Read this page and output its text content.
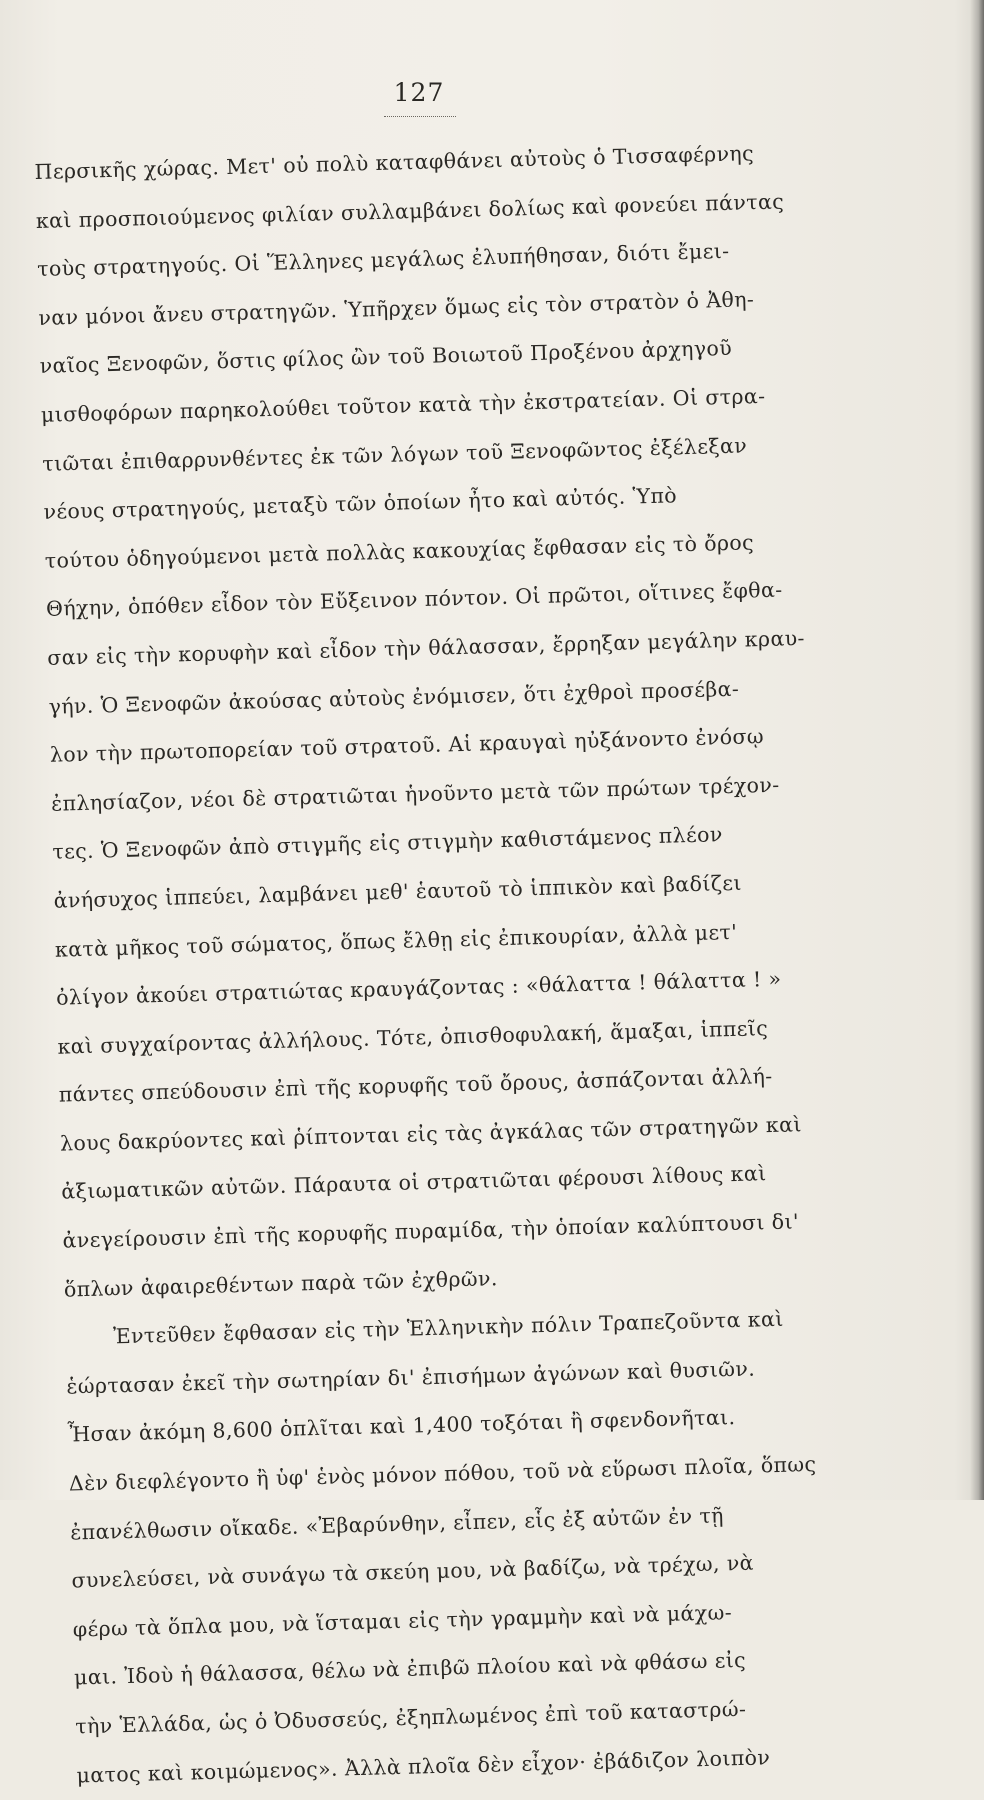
127
Περσικῆς χώρας. Μετ' οὐ πολὺ καταφθάνει αὐτοὺς ὁ Τισσαφέρνης
καὶ προσποιούμενος φιλίαν συλλαμβάνει δολίως καὶ φονεύει πάντας
τοὺς στρατηγούς. Οἱ Ἕλληνες μεγάλως ἐλυπήθησαν, διότι ἔμει-
ναν μόνοι ἄνευ στρατηγῶν. Ὑπῆρχεν ὅμως εἰς τὸν στρατὸν ὁ Ἀθη-
ναῖος Ξενοφῶν, ὅστις φίλος ὢν τοῦ Βοιωτοῦ Προξένου ἀρχηγοῦ
μισθοφόρων παρηκολούθει τοῦτον κατὰ τὴν ἐκστρατείαν. Οἱ στρα-
τιῶται ἐπιθαρρυνθέντες ἐκ τῶν λόγων τοῦ Ξενοφῶντος ἐξέλεξαν
νέους στρατηγούς, μεταξὺ τῶν ὁποίων ἦτο καὶ αὐτός. Ὑπὸ
τούτου ὁδηγούμενοι μετὰ πολλὰς κακουχίας ἔφθασαν εἰς τὸ ὄρος
Θήχην, ὁπόθεν εἶδον τὸν Εὔξεινον πόντον. Οἱ πρῶτοι, οἵτινες ἔφθα-
σαν εἰς τὴν κορυφὴν καὶ εἶδον τὴν θάλασσαν, ἔρρηξαν μεγάλην κραυ-
γήν. Ὁ Ξενοφῶν ἀκούσας αὐτοὺς ἐνόμισεν, ὅτι ἐχθροὶ προσέβα-
λον τὴν πρωτοπορείαν τοῦ στρατοῦ. Αἱ κραυγαὶ ηὐξάνοντο ἐνόσῳ
ἐπλησίαζον, νέοι δὲ στρατιῶται ἡνοῦντο μετὰ τῶν πρώτων τρέχον-
τες. Ὁ Ξενοφῶν ἀπὸ στιγμῆς εἰς στιγμὴν καθιστάμενος πλέον
ἀνήσυχος ἱππεύει, λαμβάνει μεθ' ἑαυτοῦ τὸ ἱππικὸν καὶ βαδίζει
κατὰ μῆκος τοῦ σώματος, ὅπως ἔλθῃ εἰς ἐπικουρίαν, ἀλλὰ μετ'
ὀλίγον ἀκούει στρατιώτας κραυγάζοντας : «θάλαττα ! θάλαττα ! »
καὶ συγχαίροντας ἀλλήλους. Τότε, ὀπισθοφυλακή, ἅμαξαι, ἱππεῖς
πάντες σπεύδουσιν ἐπὶ τῆς κορυφῆς τοῦ ὄρους, ἀσπάζονται ἀλλή-
λους δακρύοντες καὶ ῥίπτονται εἰς τὰς ἀγκάλας τῶν στρατηγῶν καὶ
ἀξιωματικῶν αὐτῶν. Πάραυτα οἱ στρατιῶται φέρουσι λίθους καὶ
ἀνεγείρουσιν ἐπὶ τῆς κορυφῆς πυραμίδα, τὴν ὁποίαν καλύπτουσι δι'
ὅπλων ἀφαιρεθέντων παρὰ τῶν ἐχθρῶν.
Ἐντεῦθεν ἔφθασαν εἰς τὴν Ἑλληνικὴν πόλιν Τραπεζοῦντα καὶ
ἑώρτασαν ἐκεῖ τὴν σωτηρίαν δι' ἐπισήμων ἀγώνων καὶ θυσιῶν.
Ἦσαν ἀκόμη 8,600 ὁπλῖται καὶ 1,400 τοξόται ἢ σφενδονῆται.
Δὲν διεφλέγοντο ἢ ὑφ' ἑνὸς μόνον πόθου, τοῦ νὰ εὕρωσι πλοῖα, ὅπως
ἐπανέλθωσιν οἴκαδε. «Ἐβαρύνθην, εἶπεν, εἷς ἐξ αὐτῶν ἐν τῇ
συνελεύσει, νὰ συνάγω τὰ σκεύη μου, νὰ βαδίζω, νὰ τρέχω, νὰ
φέρω τὰ ὅπλα μου, νὰ ἵσταμαι εἰς τὴν γραμμὴν καὶ νὰ μάχω-
μαι. Ἰδοὺ ἡ θάλασσα, θέλω νὰ ἐπιβῶ πλοίου καὶ νὰ φθάσω εἰς
τὴν Ἑλλάδα, ὡς ὁ Ὀδυσσεύς, ἐξηπλωμένος ἐπὶ τοῦ καταστρώ-
ματος καὶ κοιμώμενος». Ἀλλὰ πλοῖα δὲν εἶχον· ἐβάδιζον λοιπὸν
